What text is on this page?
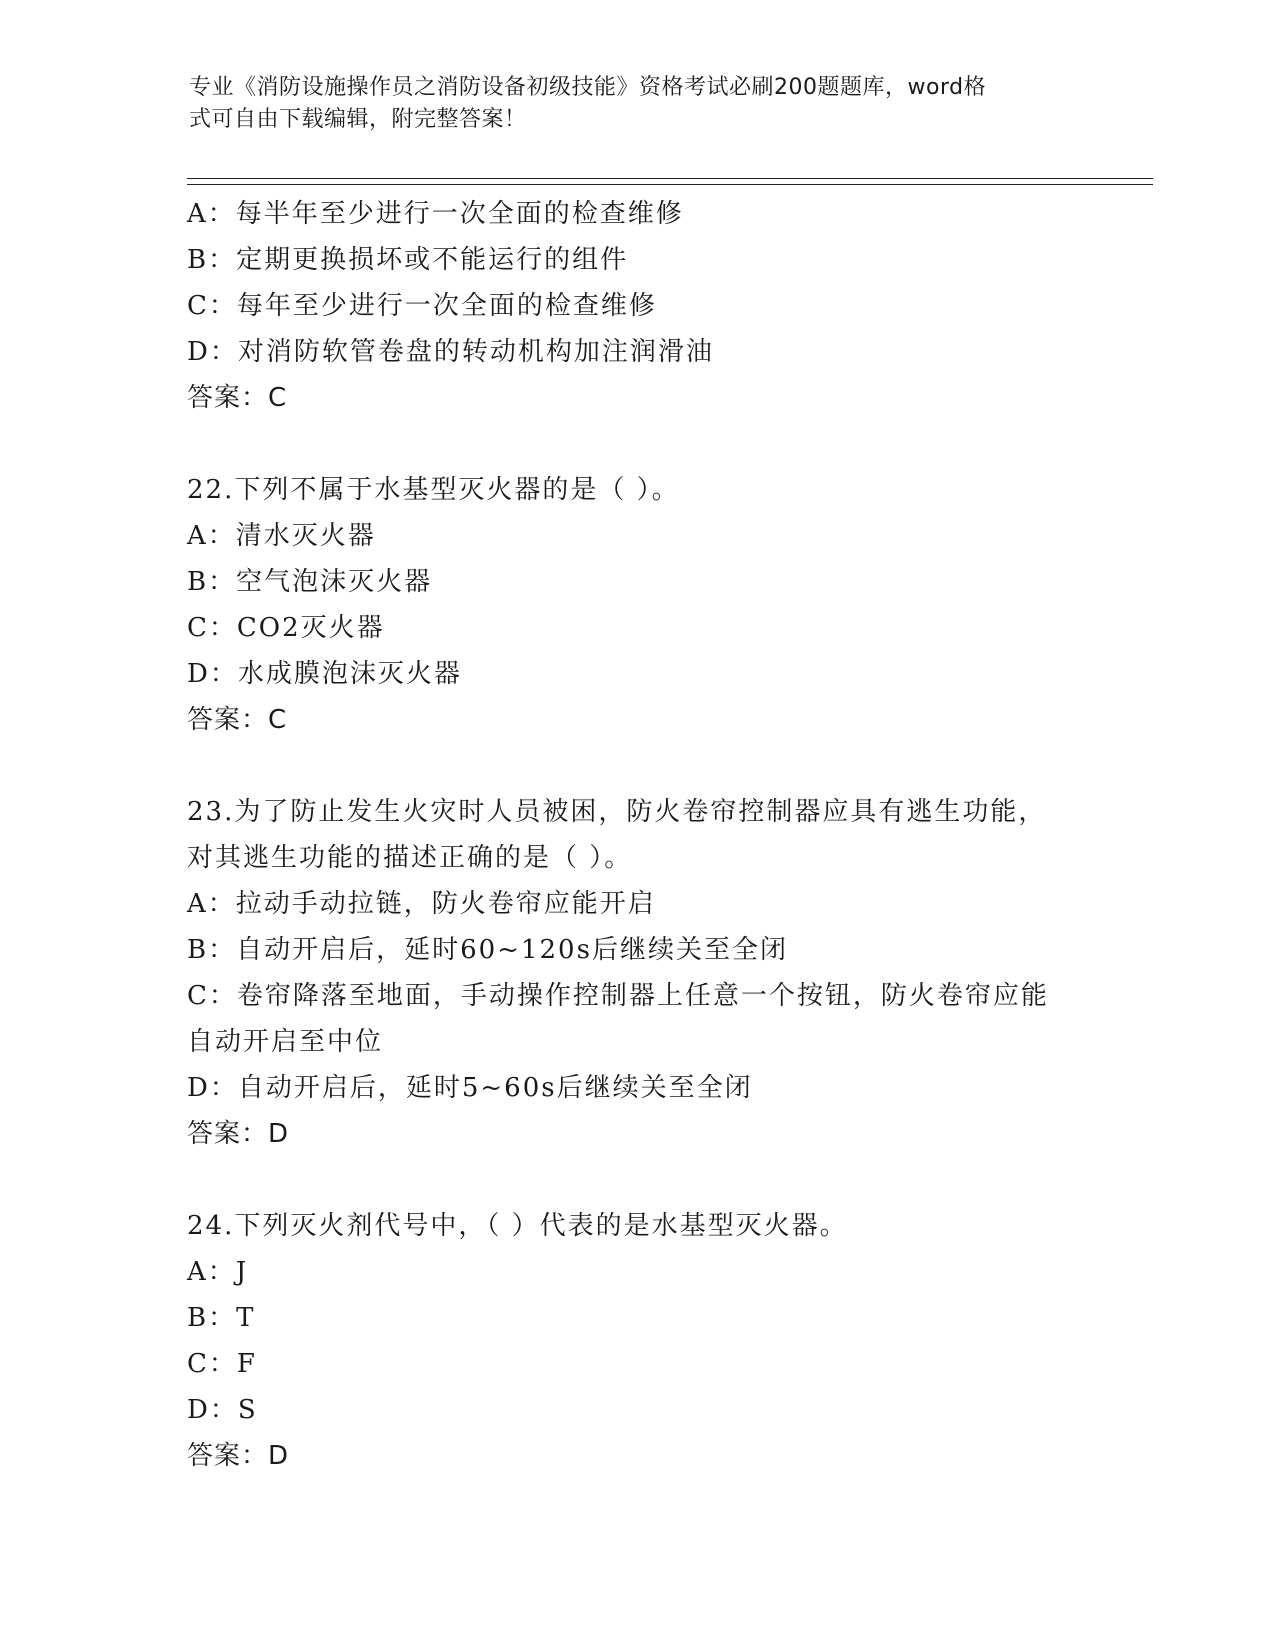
专业《消防设施操作员之消防设备初级技能》资格考试必刷200题题库，word格
式可自由下载编辑，附完整答案！
A：每半年至少进行一次全面的检查维修
B：定期更换损坏或不能运行的组件
C：每年至少进行一次全面的检查维修
D：对消防软管卷盘的转动机构加注润滑油
答案：C
22.下列不属于水基型灭火器的是（ ）。
A：清水灭火器
B：空气泡沫灭火器
C：CO2灭火器
D：水成膜泡沫灭火器
答案：C
23.为了防止发生火灾时人员被困，防火卷帘控制器应具有逃生功能，
对其逃生功能的描述正确的是（ ）。
A：拉动手动拉链，防火卷帘应能开启
B：自动开启后，延时60~120s后继续关至全闭
C：卷帘降落至地面，手动操作控制器上任意一个按钮，防火卷帘应能
自动开启至中位
D：自动开启后，延时5~60s后继续关至全闭
答案：D
24.下列灭火剂代号中，（ ）代表的是水基型灭火器。
A：J
B：T
C：F
D：S
答案：D
